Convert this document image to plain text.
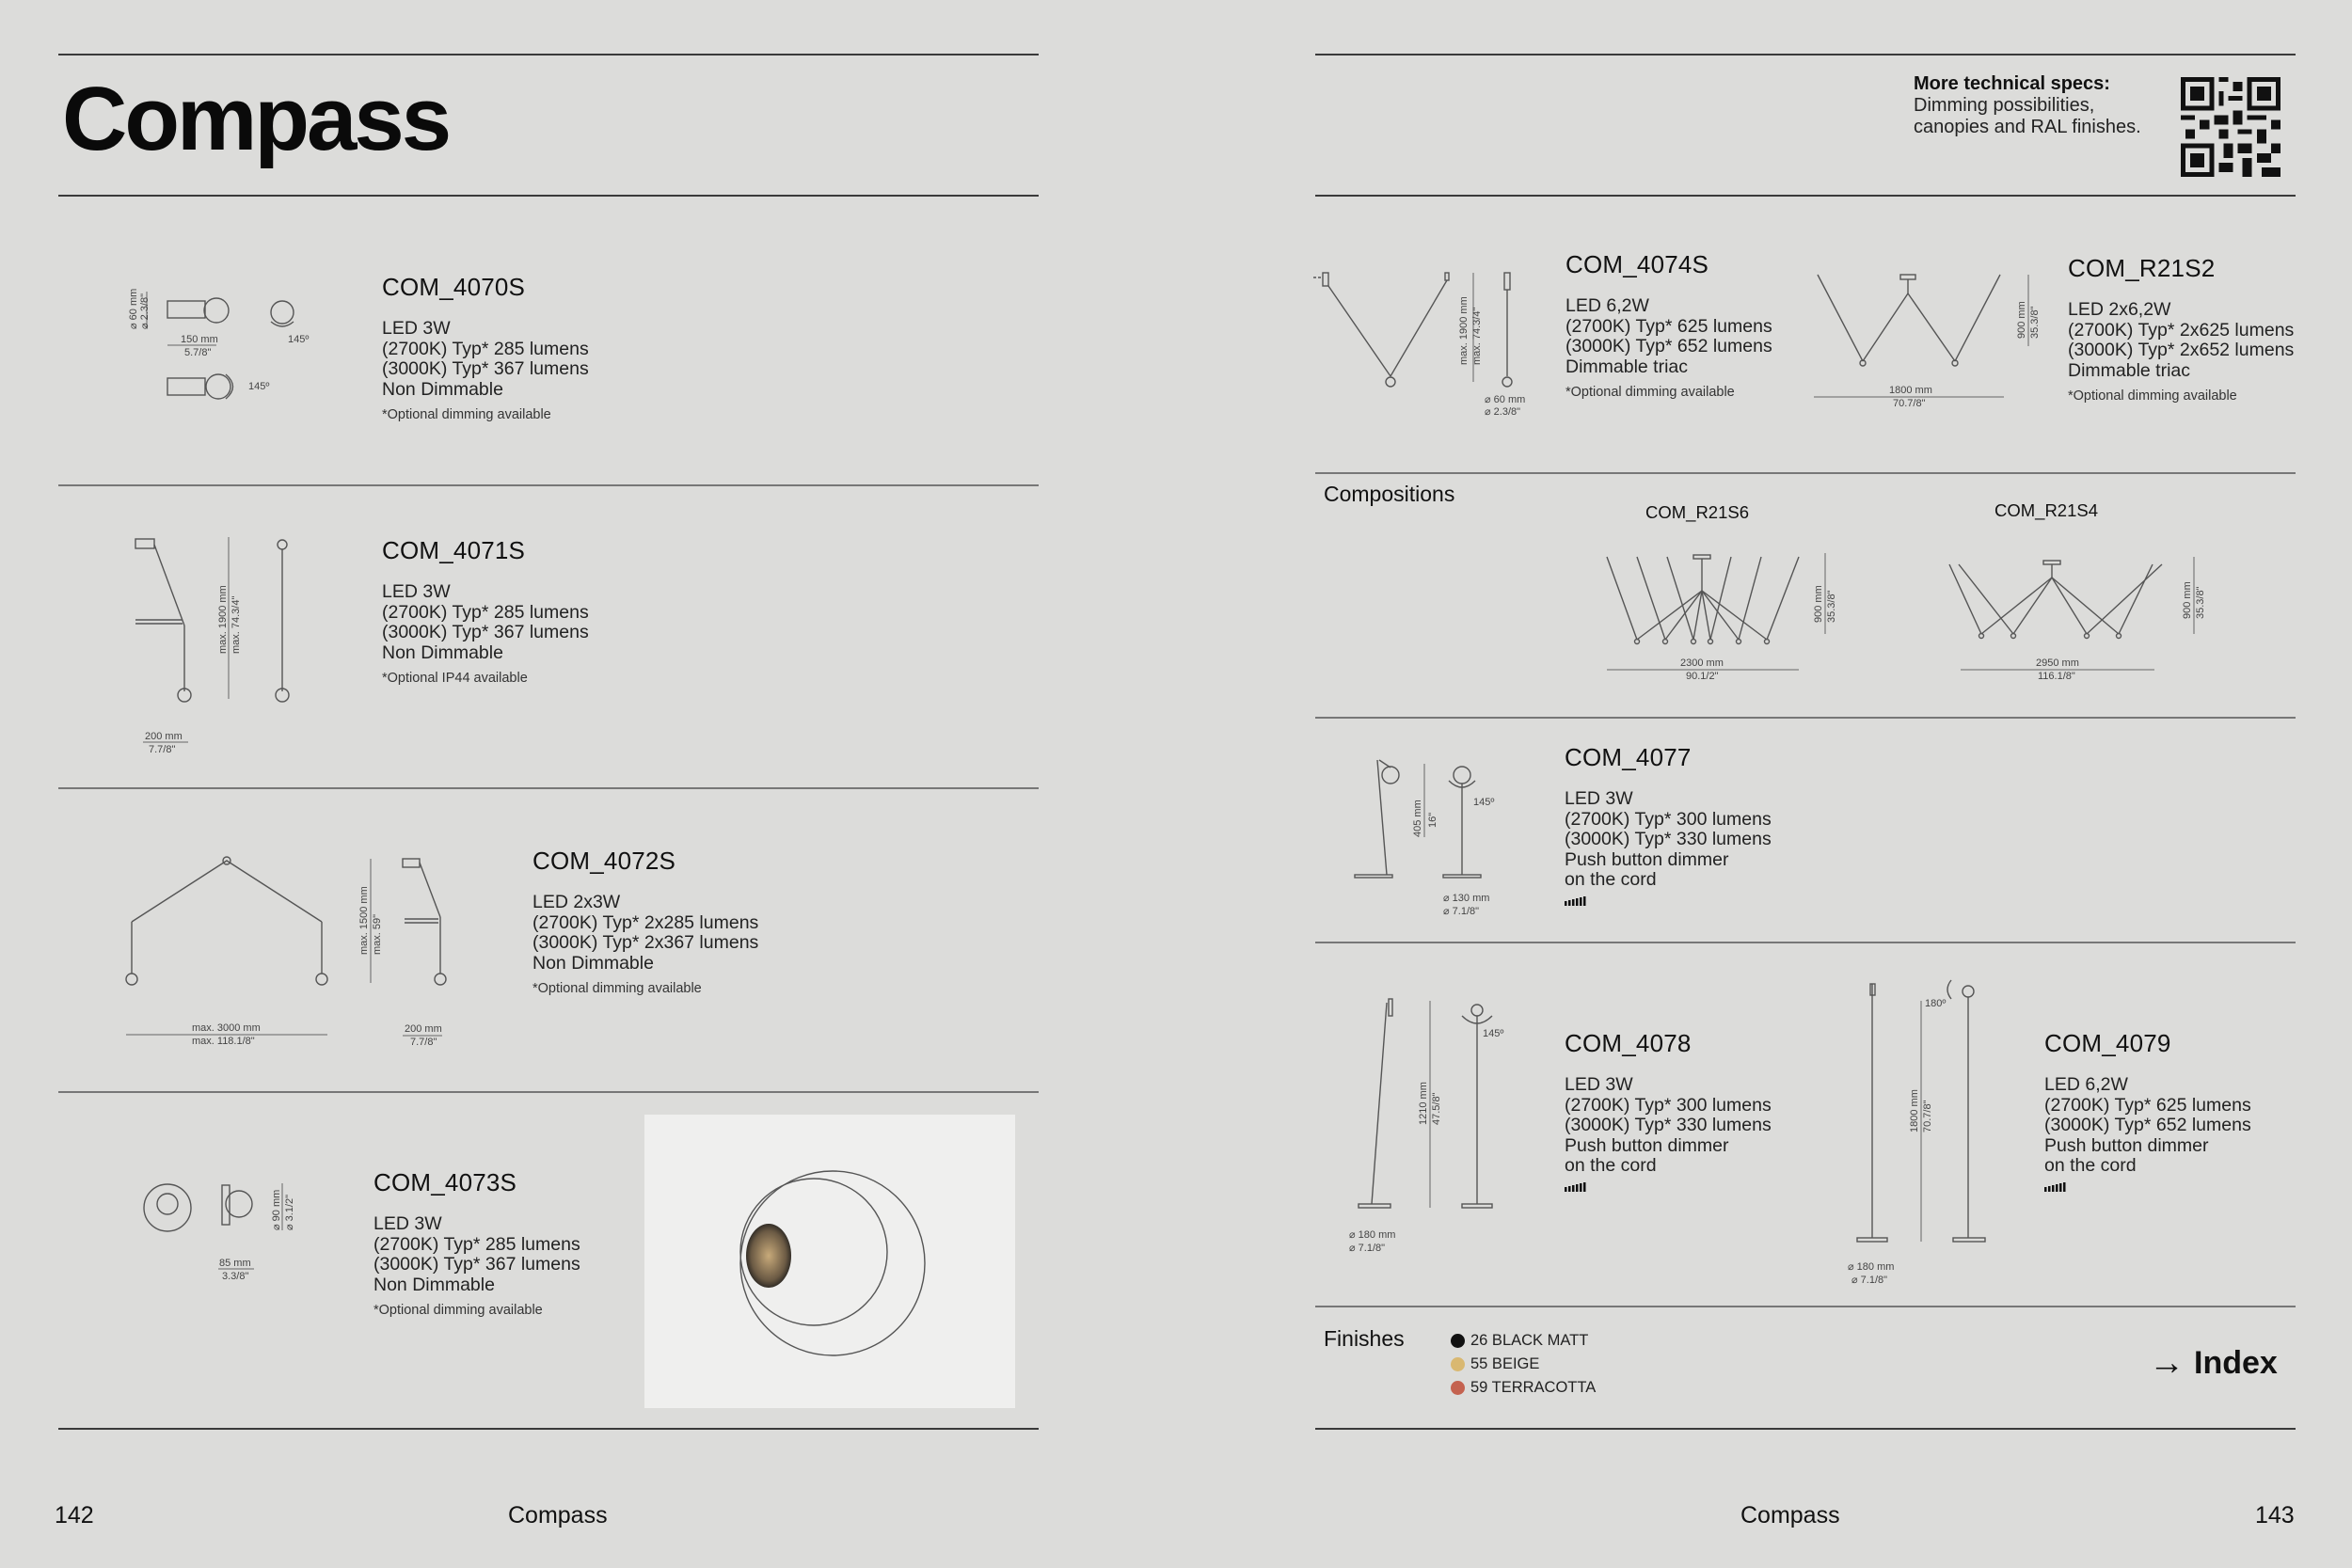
Compass
⌀ 60 mm ⌀ 2.3/8"
150 mm
5.7/8"
145º
145º
COM_4070S
LED 3W
(2700K) Typ* 285 lumens
(3000K) Typ* 367 lumens
Non Dimmable
*Optional dimming available
max. 1900 mm max. 74.3/4"
200 mm
7.7/8"
COM_4071S
LED 3W
(2700K) Typ* 285 lumens
(3000K) Typ* 367 lumens
Non Dimmable
*Optional IP44 available
max. 3000 mm
max. 118.1/8"
max. 1500 mm max. 59"
200 mm
7.7/8"
COM_4072S
LED 2x3W
(2700K) Typ* 2x285 lumens
(3000K) Typ* 2x367 lumens
Non Dimmable
*Optional dimming available
⌀ 90 mm ⌀ 3.1/2"
85 mm
3.3/8"
COM_4073S
LED 3W
(2700K) Typ* 285 lumens
(3000K) Typ* 367 lumens
Non Dimmable
*Optional dimming available
142	Compass
More technical specs:
Dimming possibilities,
canopies and RAL finishes.
max. 1900 mm max. 74.3/4"
⌀ 60 mm
⌀ 2.3/8"
COM_4074S
LED 6,2W
(2700K) Typ* 625 lumens
(3000K) Typ* 652 lumens
Dimmable triac
*Optional dimming available	1800 mm
70.7/8"
900 mm 35.3/8"
COM_R21S2
LED 2x6,2W
(2700K) Typ* 2x625 lumens
(3000K) Typ* 2x652 lumens
Dimmable triac
*Optional dimming available
Compositions
COM_R21S6
2300 mm
90.1/2"
900 mm 35.3/8"
COM_R21S4
2950 mm
116.1/8"
900 mm 35.3/8"
405 mm 16"
145º
⌀ 130 mm
⌀ 7.1/8"
COM_4077
LED 3W
(2700K) Typ* 300 lumens
(3000K) Typ* 330 lumens
Push button dimmer
on the cord
1210 mm 47.5/8"
145º
⌀ 180 mm
⌀ 7.1/8"
COM_4078
LED 3W
(2700K) Typ* 300 lumens
(3000K) Typ* 330 lumens
Push button dimmer
on the cord
1800 mm 70.7/8"
180º
⌀ 180 mm
⌀ 7.1/8"
COM_4079
LED 6,2W
(2700K) Typ* 625 lumens
(3000K) Typ* 652 lumens
Push button dimmer
on the cord
Finishes	26 BLACK MATT
55 BEIGE
59 TERRACOTTA
→ Index
Compass	143
